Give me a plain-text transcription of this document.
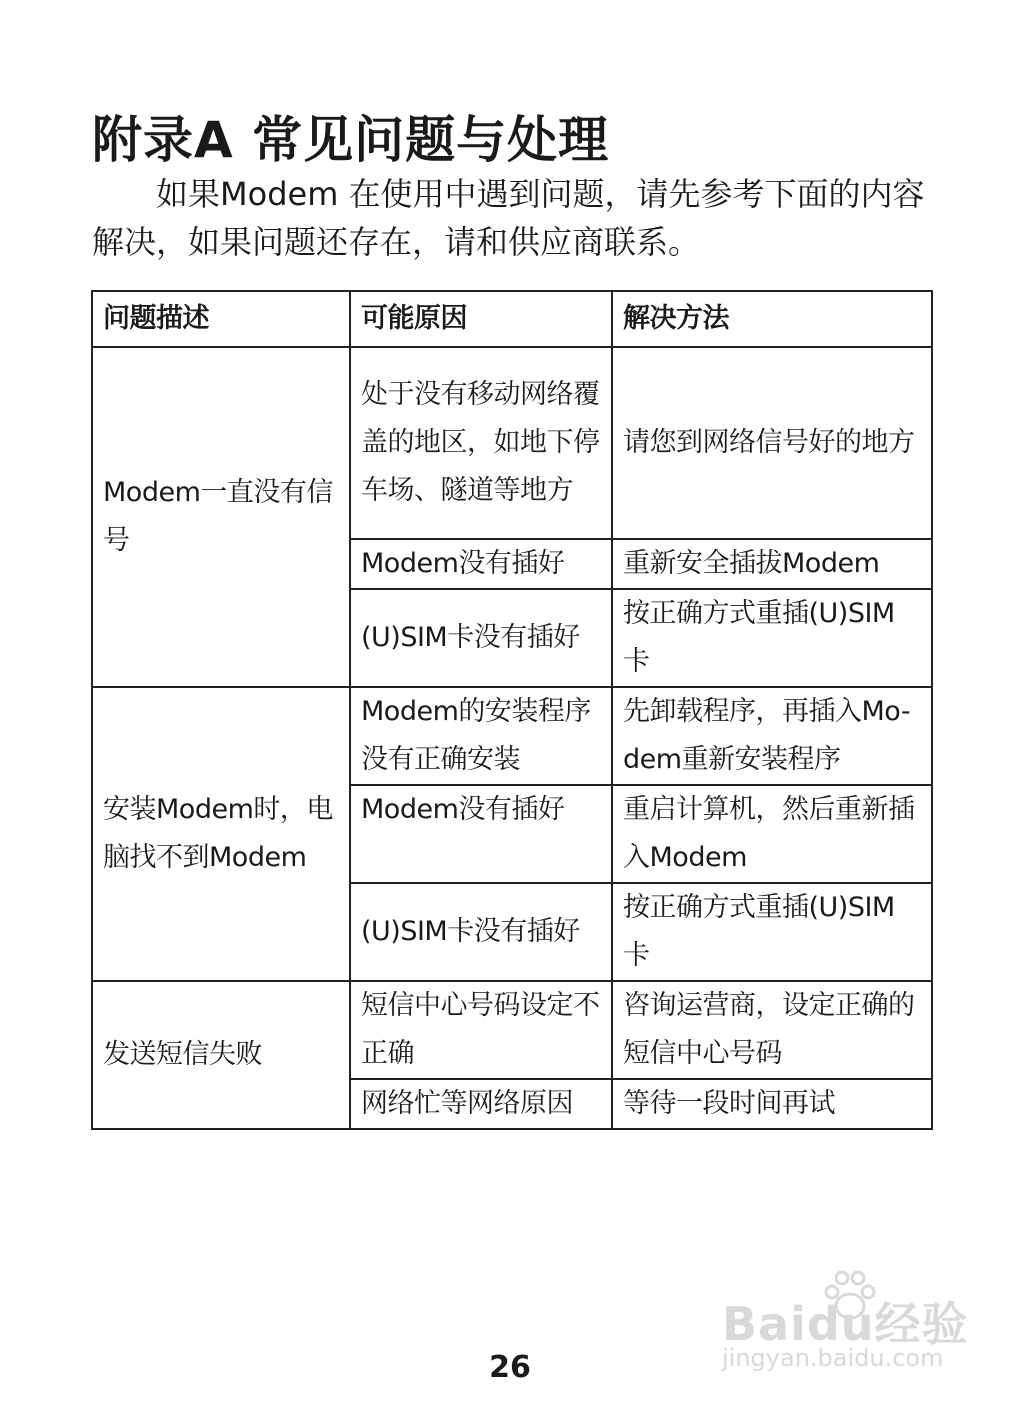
附录A 常见问题与处理
如果Modem 在使用中遇到问题，请先参考下面的内容解决，如果问题还存在，请和供应商联系。
问题描述	可能原因	解决方法
Modem一直没有信号	处于没有移动网络覆盖的地区，如地下停车场、隧道等地方	请您到网络信号好的地方
	Modem没有插好	重新安全插拔Modem
	(U)SIM卡没有插好	按正确方式重插(U)SIM卡
安装Modem时，电脑找不到Modem	Modem的安装程序没有正确安装	先卸载程序，再插入Mo-dem重新安装程序
	Modem没有插好	重启计算机，然后重新插入Modem
	(U)SIM卡没有插好	按正确方式重插(U)SIM卡
发送短信失败	短信中心号码设定不正确	咨询运营商，设定正确的短信中心号码
	网络忙等网络原因	等待一段时间再试
Baidu经验
jingyan.baidu.com
26
